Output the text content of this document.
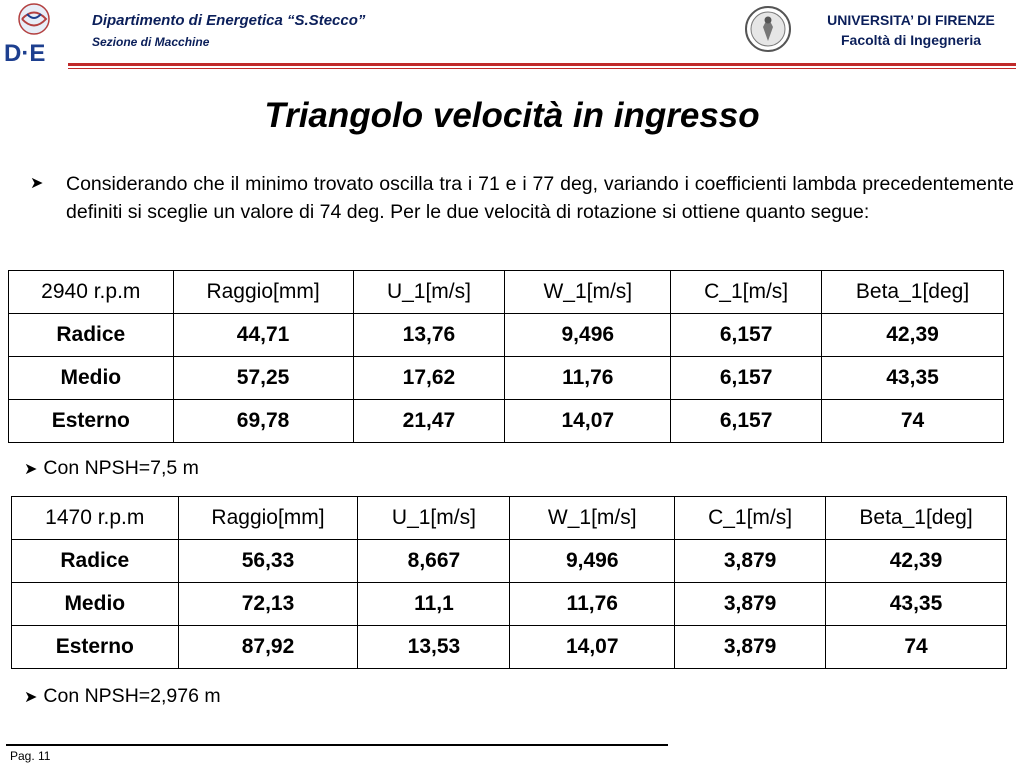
D·E
Dipartimento di Energetica “S.Stecco”
Sezione di Macchine
UNIVERSITA’ DI FIRENZE
Facoltà di Ingegneria
Triangolo velocità in ingresso
➤ Considerando che il minimo trovato oscilla tra i 71 e i 77 deg, variando i coefficienti lambda precedentemente definiti si sceglie un valore di 74 deg. Per le due velocità di rotazione si ottiene quanto segue:
2940 r.p.m	Raggio[mm]	U_1[m/s]	W_1[m/s]	C_1[m/s]	Beta_1[deg]
Radice	44,71	13,76	9,496	6,157	42,39
Medio	57,25	17,62	11,76	6,157	43,35
Esterno	69,78	21,47	14,07	6,157	74
➤ Con NPSH=7,5 m
1470 r.p.m	Raggio[mm]	U_1[m/s]	W_1[m/s]	C_1[m/s]	Beta_1[deg]
Radice	56,33	8,667	9,496	3,879	42,39
Medio	72,13	11,1	11,76	3,879	43,35
Esterno	87,92	13,53	14,07	3,879	74
➤ Con NPSH=2,976 m
Pag. 11
